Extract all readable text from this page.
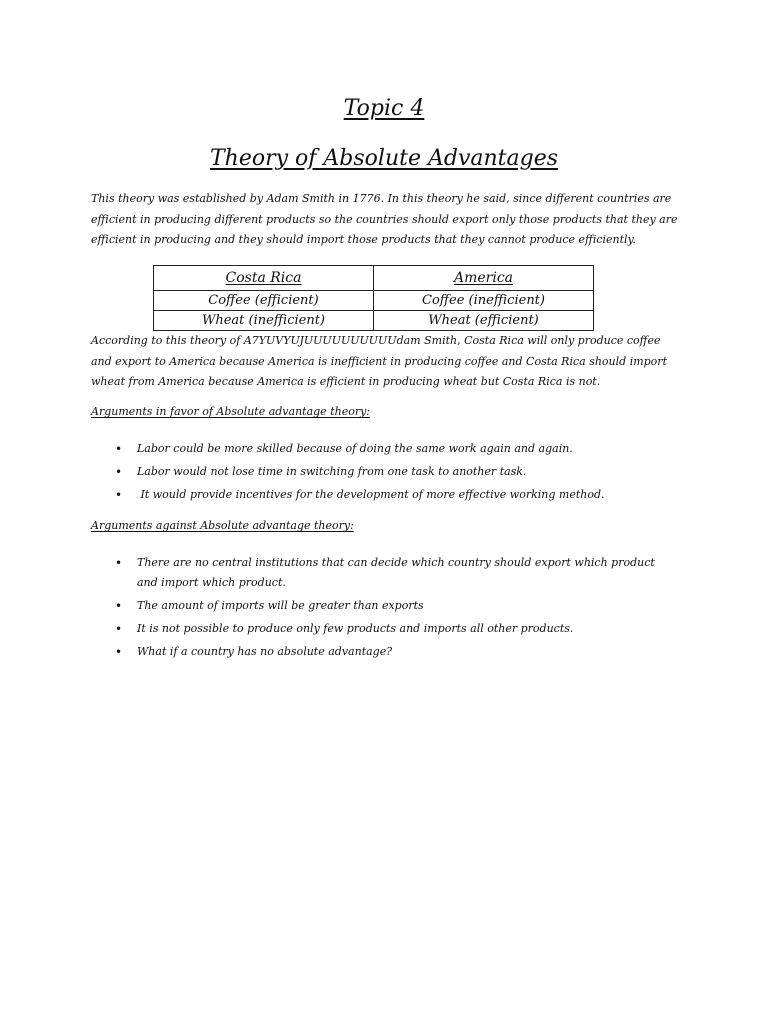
Topic 4
Theory of Absolute Advantages
This theory was established by Adam Smith in 1776. In this theory he said, since different countries are efficient in producing different products so the countries should export only those products that they are efficient in producing and they should import those products that they cannot produce efficiently.
Costa Rica	America
Coffee (efficient)	Coffee (inefficient)
Wheat (inefficient)	Wheat (efficient)
According to this theory of A7YUVYUJUUUUUUUUUUdam Smith, Costa Rica will only produce coffee and export to America because America is inefficient in producing coffee and Costa Rica should import wheat from America because America is efficient in producing wheat but Costa Rica is not.
Arguments in favor of Absolute advantage theory:
• Labor could be more skilled because of doing the same work again and again.
• Labor would not lose time in switching from one task to another task.
• It would provide incentives for the development of more effective working method.
Arguments against Absolute advantage theory:
• There are no central institutions that can decide which country should export which product and import which product.
• The amount of imports will be greater than exports
• It is not possible to produce only few products and imports all other products.
• What if a country has no absolute advantage?
